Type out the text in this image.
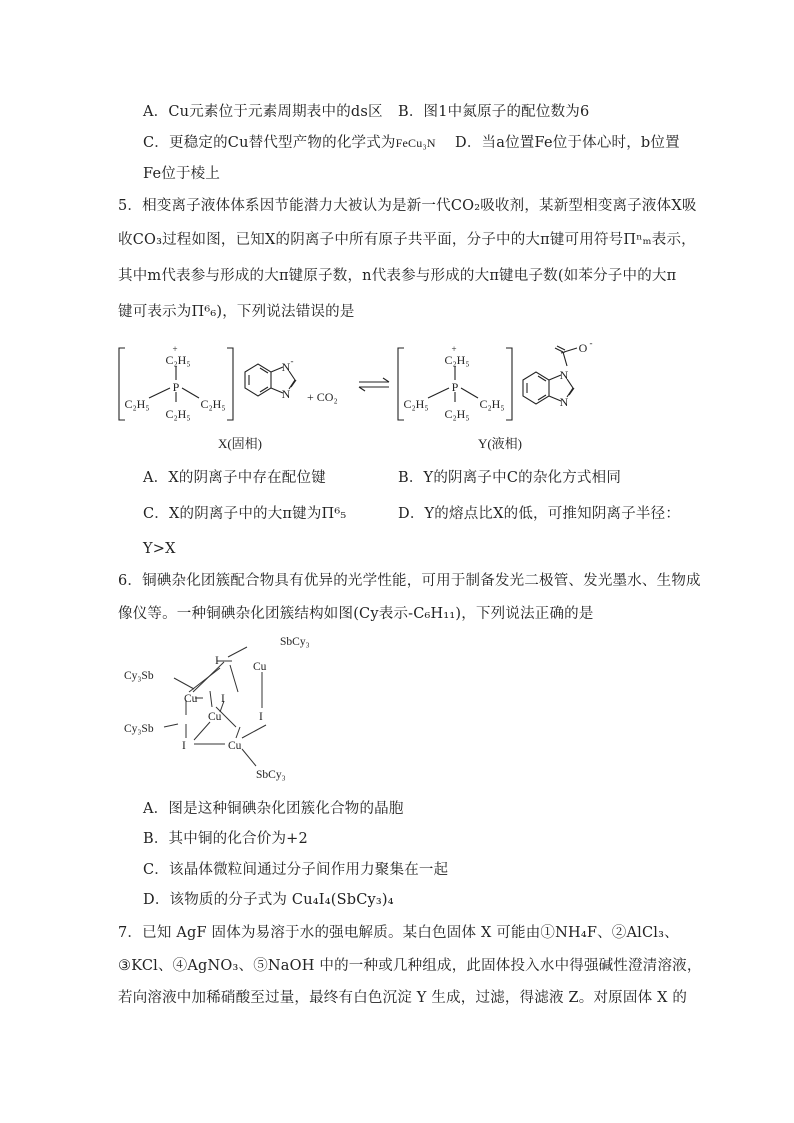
A．Cu元素位于元素周期表中的ds区 B．图1中氮原子的配位数为6
C．更稳定的Cu替代型产物的化学式为FeCu₃N D．当a位置Fe位于体心时，b位置
Fe位于棱上
5．相变离子液体体系因节能潜力大被认为是新一代CO₂吸收剂，某新型相变离子液体X吸
收CO₃过程如图，已知X的阴离子中所有原子共平面，分子中的大π键可用符号Πⁿₘ表示，
其中m代表参与形成的大π键原子数，n代表参与形成的大π键电子数(如苯分子中的大π
键可表示为Π⁶₆)，下列说法错误的是
+
C₂H₅
P
C₂H₅	C₂H₅
C₂H₅
N -
N + CO₂
+
C₂H₅
P
C₂H₅	C₂H₅
C₂H₅
N
N
O -
X(固相)	Y(液相)
A．X的阴离子中存在配位键	B．Y的阴离子中C的杂化方式相同
C．X的阴离子中的大π键为Π⁶₅	D．Y的熔点比X的低，可推知阴离子半径：
Y>X
6．铜碘杂化团簇配合物具有优异的光学性能，可用于制备发光二极管、发光墨水、生物成
像仪等。一种铜碘杂化团簇结构如图(Cy表示-C₆H₁₁)，下列说法正确的是
SbCy₃
Cy₃Sb
I	Cu
Cu I
Cu	I
Cy₃Sb
I	Cu
SbCy₃
A．图是这种铜碘杂化团簇化合物的晶胞
B．其中铜的化合价为+2
C．该晶体微粒间通过分子间作用力聚集在一起
D．该物质的分子式为 Cu₄I₄(SbCy₃)₄
7．已知 AgF 固体为易溶于水的强电解质。某白色固体 X 可能由①NH₄F、②AlCl₃、
③KCl、④AgNO₃、⑤NaOH 中的一种或几种组成，此固体投入水中得强碱性澄清溶液，
若向溶液中加稀硝酸至过量，最终有白色沉淀 Y 生成，过滤，得滤液 Z。对原固体 X 的
